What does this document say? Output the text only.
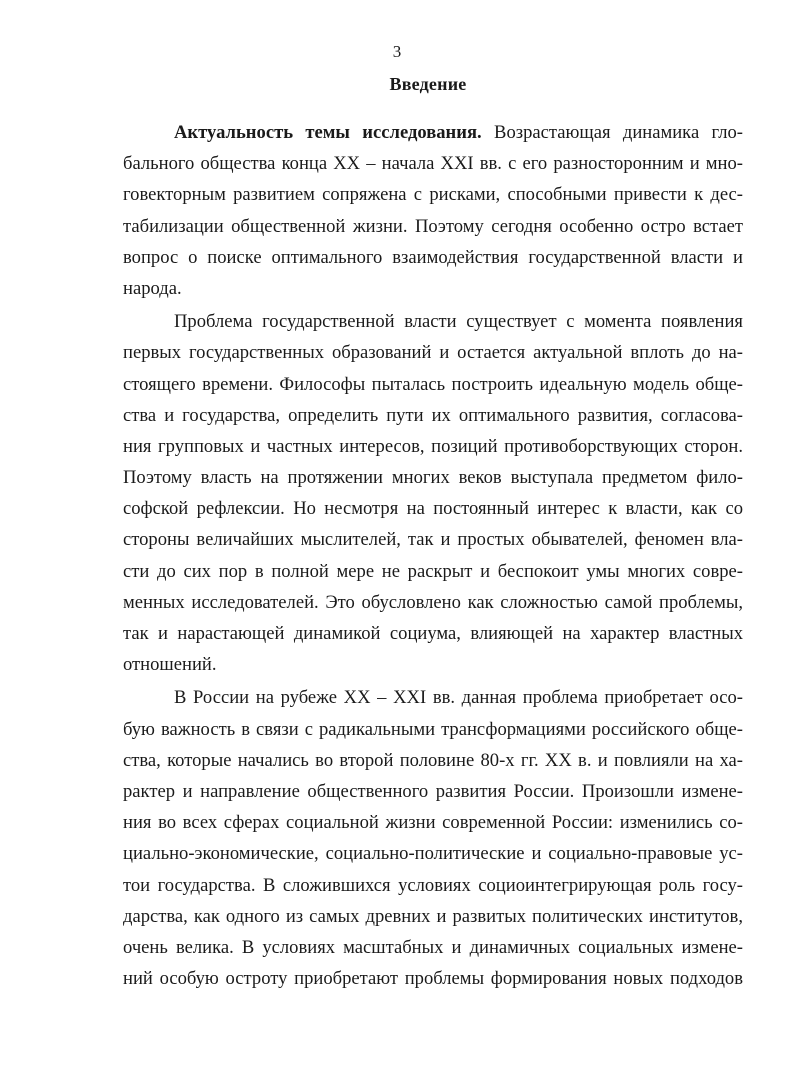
3
Введение
Актуальность темы исследования. Возрастающая динамика гло-
бального общества конца XX – начала XXI вв. с его разносторонним и мно-
говекторным развитием сопряжена с рисками, способными привести к дес-
табилизации общественной жизни. Поэтому сегодня особенно остро встает
вопрос о поиске оптимального взаимодействия государственной власти и
народа.
Проблема государственной власти существует с момента появления
первых государственных образований и остается актуальной вплоть до на-
стоящего времени. Философы пыталась построить идеальную модель обще-
ства и государства, определить пути их оптимального развития, согласова-
ния групповых и частных интересов, позиций противоборствующих сторон.
Поэтому власть на протяжении многих веков выступала предметом фило-
софской рефлексии. Но несмотря на постоянный интерес к власти, как со
стороны величайших мыслителей, так и простых обывателей, феномен вла-
сти до сих пор в полной мере не раскрыт и беспокоит умы многих совре-
менных исследователей. Это обусловлено как сложностью самой проблемы,
так и нарастающей динамикой социума, влияющей на характер властных
отношений.
В России на рубеже XX – XXI вв. данная проблема приобретает осо-
бую важность в связи с радикальными трансформациями российского обще-
ства, которые начались во второй половине 80-х гг. XX в. и повлияли на ха-
рактер и направление общественного развития России. Произошли измене-
ния во всех сферах социальной жизни современной России: изменились со-
циально-экономические, социально-политические и социально-правовые ус-
тои государства. В сложившихся условиях социоинтегрирующая роль госу-
дарства, как одного из самых древних и развитых политических институтов,
очень велика. В условиях масштабных и динамичных социальных измене-
ний особую остроту приобретают проблемы формирования новых подходов
